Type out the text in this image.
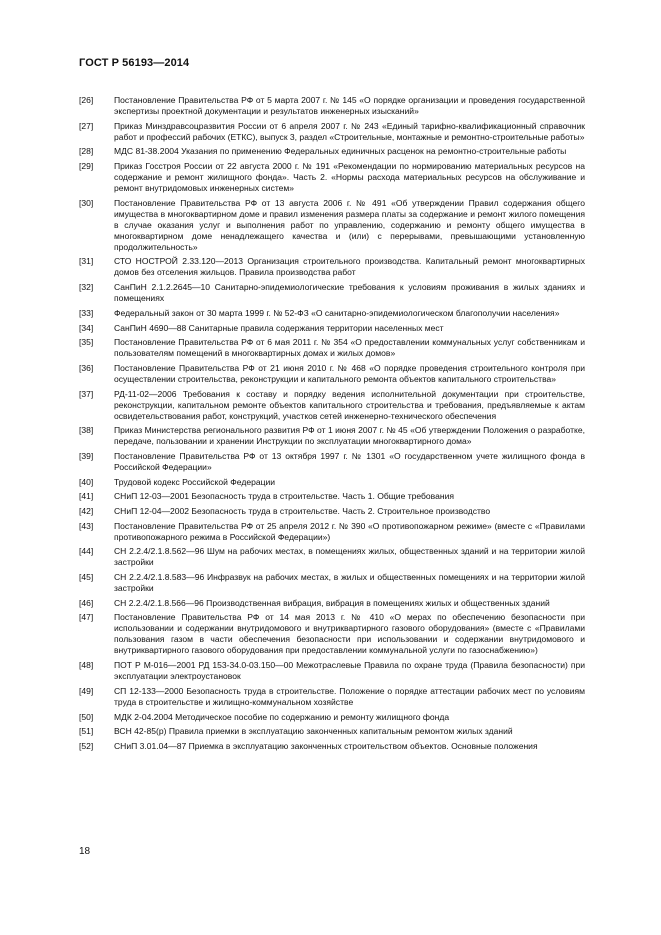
ГОСТ Р 56193—2014
[26]	Постановление Правительства РФ от 5 марта 2007 г. № 145 «О порядке организации и проведения государственной экспертизы проектной документации и результатов инженерных изысканий»
[27]	Приказ Минздравсоцразвития России от 6 апреля 2007 г. № 243 «Единый тарифно-квалификационный справочник работ и профессий рабочих (ЕТКС), выпуск 3, раздел «Строительные, монтажные и ремонтно-строительные работы»
[28]	МДС 81-38.2004 Указания по применению Федеральных единичных расценок на ремонтно-строительные работы
[29]	Приказ Госстроя России от 22 августа 2000 г. № 191 «Рекомендации по нормированию материальных ресурсов на содержание и ремонт жилищного фонда». Часть 2. «Нормы расхода материальных ресурсов на обслуживание и ремонт внутридомовых инженерных систем»
[30]	Постановление Правительства РФ от 13 августа 2006 г. № 491 «Об утверждении Правил содержания общего имущества в многоквартирном доме и правил изменения размера платы за содержание и ремонт жилого помещения в случае оказания услуг и выполнения работ по управлению, содержанию и ремонту общего имущества в многоквартирном доме ненадлежащего качества и (или) с перерывами, превышающими установленную продолжительность»
[31]	СТО НОСТРОЙ 2.33.120—2013 Организация строительного производства. Капитальный ремонт многоквартирных домов без отселения жильцов. Правила производства работ
[32]	СанПиН 2.1.2.2645—10 Санитарно-эпидемиологические требования к условиям проживания в жилых зданиях и помещениях
[33]	Федеральный закон от 30 марта 1999 г. № 52-ФЗ «О санитарно-эпидемиологическом благополучии населения»
[34]	СанПиН 4690—88 Санитарные правила содержания территории населенных мест
[35]	Постановление Правительства РФ от 6 мая 2011 г. № 354 «О предоставлении коммунальных услуг собственникам и пользователям помещений в многоквартирных домах и жилых домов»
[36]	Постановление Правительства РФ от 21 июня 2010 г. № 468 «О порядке проведения строительного контроля при осуществлении строительства, реконструкции и капитального ремонта объектов капитального строительства»
[37]	РД-11-02—2006 Требования к составу и порядку ведения исполнительной документации при строительстве, реконструкции, капитальном ремонте объектов капитального строительства и требования, предъявляемые к актам освидетельствования работ, конструкций, участков сетей инженерно-технического обеспечения
[38]	Приказ Министерства регионального развития РФ от 1 июня 2007 г. № 45 «Об утверждении Положения о разработке, передаче, пользовании и хранении Инструкции по эксплуатации многоквартирного дома»
[39]	Постановление Правительства РФ от 13 октября 1997 г. № 1301 «О государственном учете жилищного фонда в Российской Федерации»
[40]	Трудовой кодекс Российской Федерации
[41]	СНиП 12-03—2001 Безопасность труда в строительстве. Часть 1. Общие требования
[42]	СНиП 12-04—2002 Безопасность труда в строительстве. Часть 2. Строительное производство
[43]	Постановление Правительства РФ от 25 апреля 2012 г. № 390 «О противопожарном режиме» (вместе с «Правилами противопожарного режима в Российской Федерации»)
[44]	СН 2.2.4/2.1.8.562—96 Шум на рабочих местах, в помещениях жилых, общественных зданий и на территории жилой застройки
[45]	СН 2.2.4/2.1.8.583—96 Инфразвук на рабочих местах, в жилых и общественных помещениях и на территории жилой застройки
[46]	СН 2.2.4/2.1.8.566—96 Производственная вибрация, вибрация в помещениях жилых и общественных зданий
[47]	Постановление Правительства РФ от 14 мая 2013 г. № 410 «О мерах по обеспечению безопасности при использовании и содержании внутридомового и внутриквартирного газового оборудования» (вместе с «Правилами пользования газом в части обеспечения безопасности при использовании и содержании внутридомового и внутриквартирного газового оборудования при предоставлении коммунальной услуги по газоснабжению»)
[48]	ПОТ Р М-016—2001 РД 153-34.0-03.150—00 Межотраслевые Правила по охране труда (Правила безопасности) при эксплуатации электроустановок
[49]	СП 12-133—2000 Безопасность труда в строительстве. Положение о порядке аттестации рабочих мест по условиям труда в строительстве и жилищно-коммунальном хозяйстве
[50]	МДК 2-04.2004 Методическое пособие по содержанию и ремонту жилищного фонда
[51]	ВСН 42-85(р) Правила приемки в эксплуатацию законченных капитальным ремонтом жилых зданий
[52]	СНиП 3.01.04—87 Приемка в эксплуатацию законченных строительством объектов. Основные положения
18
